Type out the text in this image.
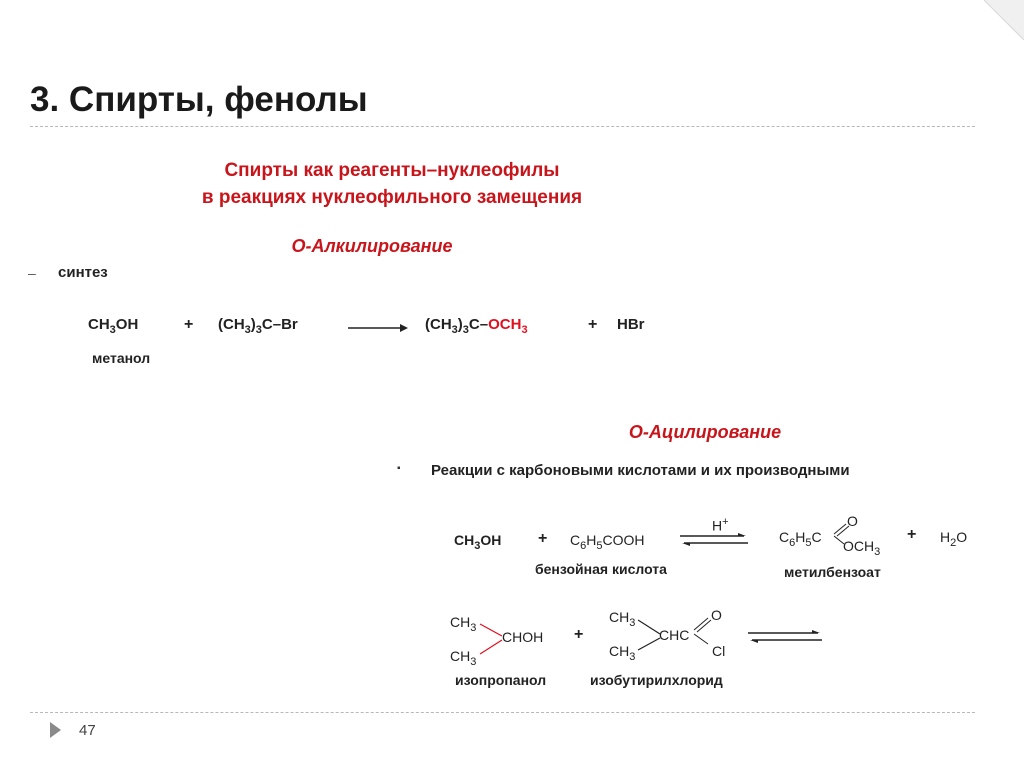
3. Спирты, фенолы
Спирты как реагенты–нуклеофилы
в реакциях нуклеофильного замещения
O-Алкилирование
– синтез
$CH_3OH$
метанол
+ $(CH_3)_3C-Br$	→ $(CH_3)_3C-OCH_3$	+ HBr
O-Ацилирование
▪ Реакции с карбоновыми кислотами и их производными
$CH_3OH$ + $C_6H_5COOH$
бензойная кислота
H+
$C_6H_5C$
O
$OCH_3$
метилбензоат
+ $H_2O$
$CH_3$
$CH_3$
CHOH
изопропанол
+
$CH_3$
$CH_3$
CHC
O
Cl
изобутирилхлорид
47
